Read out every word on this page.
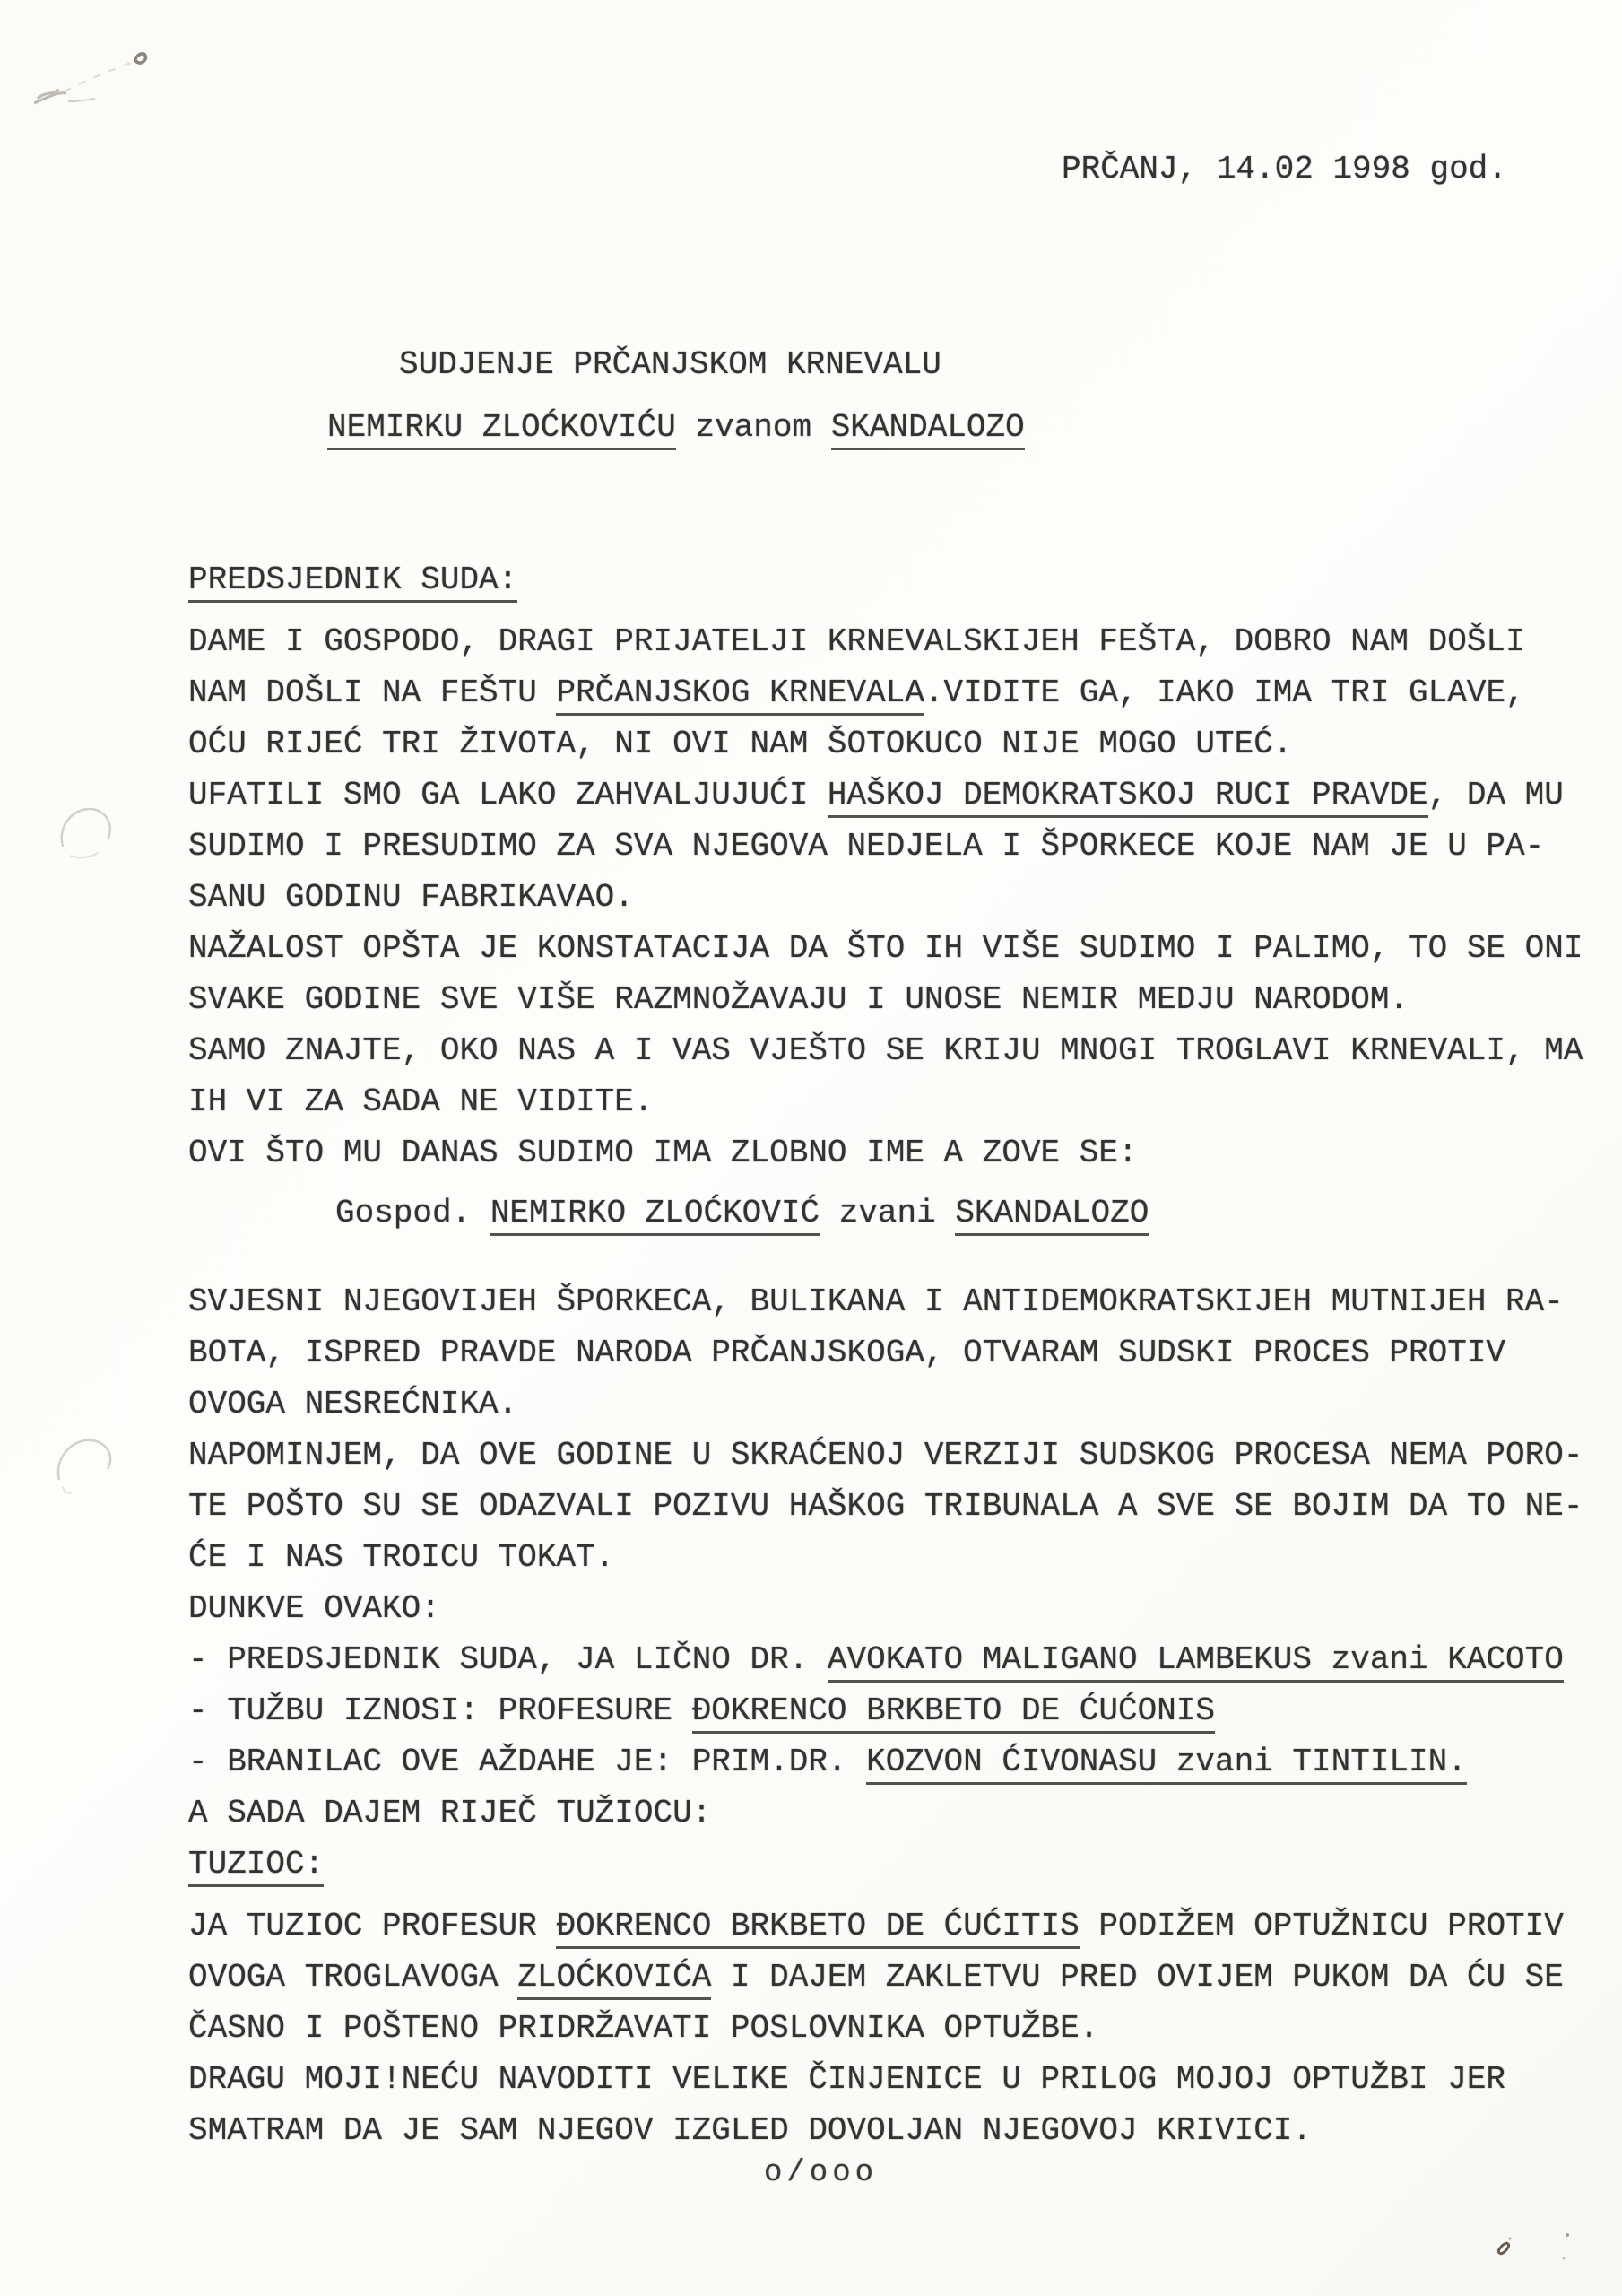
PRČANJ, 14.02 1998 god.
SUDJENJE PRČANJSKOM KRNEVALU
NEMIRKU ZLOĆKOVIĆU zvanom SKANDALOZO
PREDSJEDNIK SUDA:
DAME I GOSPODO, DRAGI PRIJATELJI KRNEVALSKIJEH FEŠTA, DOBRO NAM DOŠLI
NAM DOŠLI NA FEŠTU PRČANJSKOG KRNEVALA.VIDITE GA, IAKO IMA TRI GLAVE,
OĆU RIJEĆ TRI ŽIVOTA, NI OVI NAM ŠOTOKUCO NIJE MOGO UTEĆ.
UFATILI SMO GA LAKO ZAHVALJUJUĆI HAŠKOJ DEMOKRATSKOJ RUCI PRAVDE, DA MU
SUDIMO I PRESUDIMO ZA SVA NJEGOVA NEDJELA I ŠPORKECE KOJE NAM JE U PA-
SANU GODINU FABRIKAVAO.
NAŽALOST OPŠTA JE KONSTATACIJA DA ŠTO IH VIŠE SUDIMO I PALIMO, TO SE ONI
SVAKE GODINE SVE VIŠE RAZMNOŽAVAJU I UNOSE NEMIR MEDJU NARODOM.
SAMO ZNAJTE, OKO NAS A I VAS VJEŠTO SE KRIJU MNOGI TROGLAVI KRNEVALI, MA
IH VI ZA SADA NE VIDITE.
OVI ŠTO MU DANAS SUDIMO IMA ZLOBNO IME A ZOVE SE:
Gospod. NEMIRKO ZLOĆKOVIĆ zvani SKANDALOZO
SVJESNI NJEGOVIJEH ŠPORKECA, BULIKANA I ANTIDEMOKRATSKIJEH MUTNIJEH RA-
BOTA, ISPRED PRAVDE NARODA PRČANJSKOGA, OTVARAM SUDSKI PROCES PROTIV
OVOGA NESREĆNIKA.
NAPOMINJEM, DA OVE GODINE U SKRAĆENOJ VERZIJI SUDSKOG PROCESA NEMA PORO-
TE POŠTO SU SE ODAZVALI POZIVU HAŠKOG TRIBUNALA A SVE SE BOJIM DA TO NE-
ĆE I NAS TROICU TOKAT.
DUNKVE OVAKO:
- PREDSJEDNIK SUDA, JA LIČNO DR. AVOKATO MALIGANO LAMBEKUS zvani KACOTO
- TUŽBU IZNOSI: PROFESURE ĐOKRENCO BRKBETO DE ĆUĆONIS
- BRANILAC OVE AŽDAHE JE: PRIM.DR. KOZVON ĆIVONASU zvani TINTILIN.
A SADA DAJEM RIJEČ TUŽIOCU:
TUZIOC:
JA TUZIOC PROFESUR ĐOKRENCO BRKBETO DE ĆUĆITIS PODIŽEM OPTUŽNICU PROTIV
OVOGA TROGLAVOGA ZLOĆKOVIĆA I DAJEM ZAKLETVU PRED OVIJEM PUKOM DA ĆU SE
ČASNO I POŠTENO PRIDRŽAVATI POSLOVNIKA OPTUŽBE.
DRAGU MOJI!NEĆU NAVODITI VELIKE ČINJENICE U PRILOG MOJOJ OPTUŽBI JER
SMATRAM DA JE SAM NJEGOV IZGLED DOVOLJAN NJEGOVOJ KRIVICI.
o/ooo
